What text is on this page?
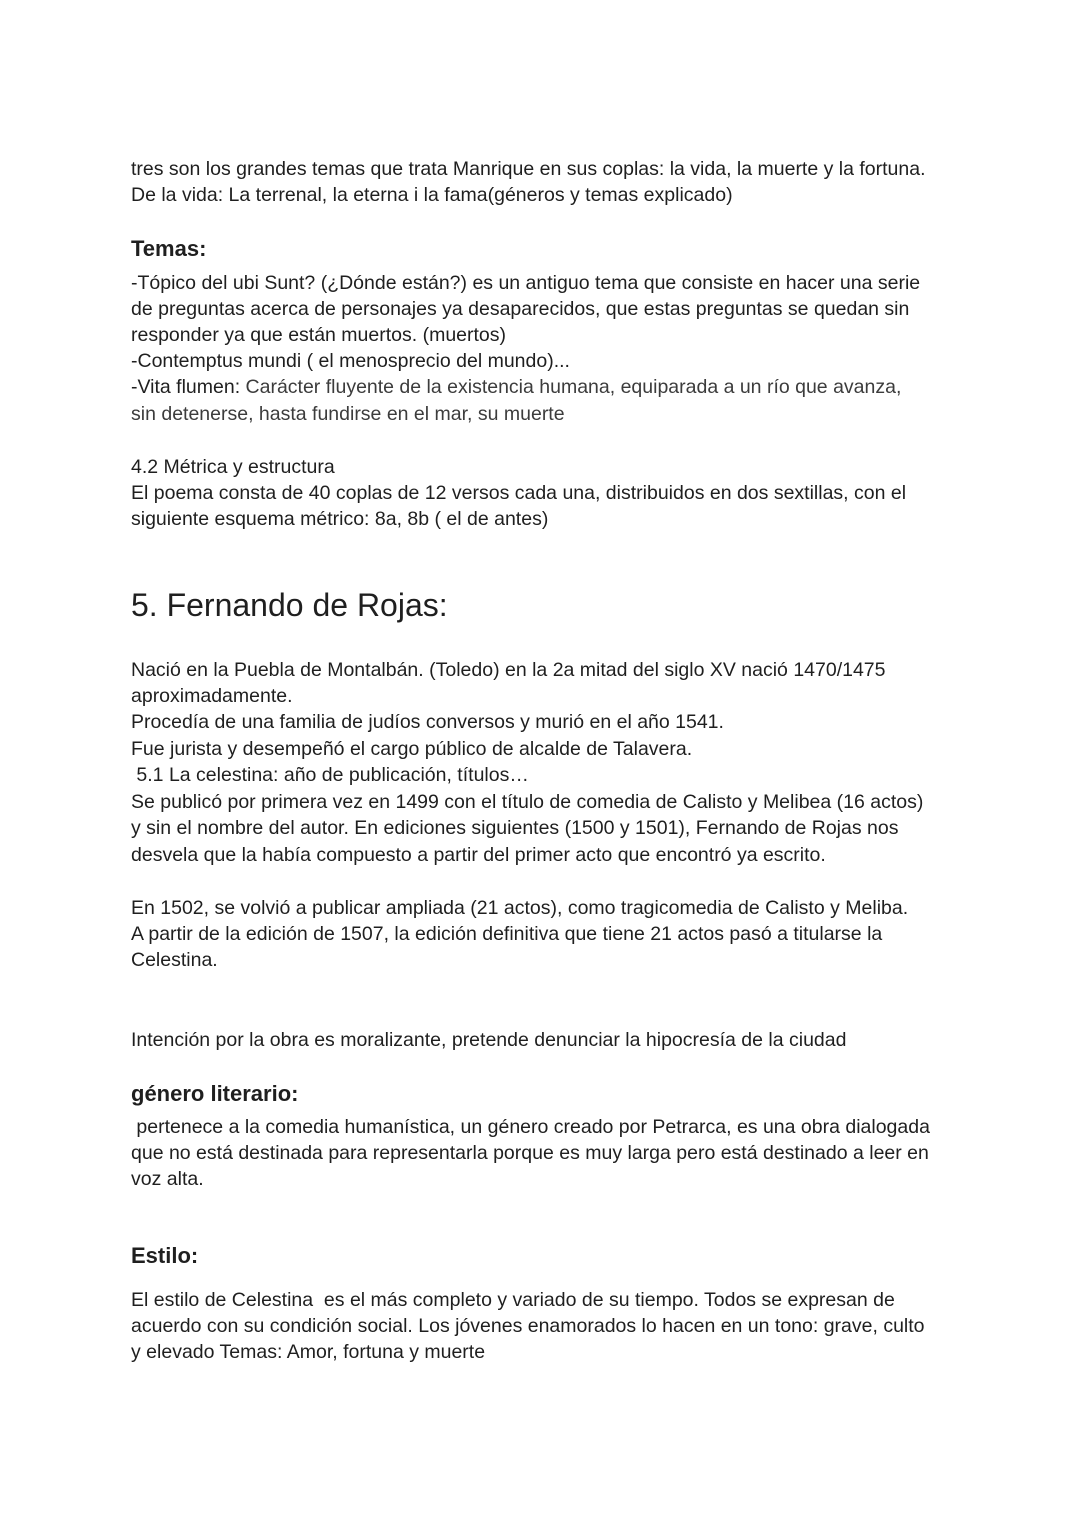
tres son los grandes temas que trata Manrique en sus coplas: la vida, la muerte y la fortuna.

De la vida: La terrenal, la eterna i la fama(géneros y temas explicado)

Temas:

-Tópico del ubi Sunt? (¿Dónde están?) es un antiguo tema que consiste en hacer una serie

de preguntas acerca de personajes ya desaparecidos, que estas preguntas se quedan sin

responder ya que están muertos. (muertos)

-Contemptus mundi ( el menosprecio del mundo)...

-Vita flumen: Carácter fluyente de la existencia humana, equiparada a un río que avanza,

sin detenerse, hasta fundirse en el mar, su muerte

4.2 Métrica y estructura

El poema consta de 40 coplas de 12 versos cada una, distribuidos en dos sextillas, con el

siguiente esquema métrico: 8a, 8b ( el de antes)

5. Fernando de Rojas:

Nació en la Puebla de Montalbán. (Toledo) en la 2a mitad del siglo XV nació 1470/1475

aproximadamente.

Procedía de una familia de judíos conversos y murió en el año 1541.

Fue jurista y desempeñó el cargo público de alcalde de Talavera.

5.1 La celestina: año de publicación, títulos…

Se publicó por primera vez en 1499 con el título de comedia de Calisto y Melibea (16 actos)

y sin el nombre del autor. En ediciones siguientes (1500 y 1501), Fernando de Rojas nos

desvela que la había compuesto a partir del primer acto que encontró ya escrito.

En 1502, se volvió a publicar ampliada (21 actos), como tragicomedia de Calisto y Meliba.

A partir de la edición de 1507, la edición definitiva que tiene 21 actos pasó a titularse la

Celestina.

Intención por la obra es moralizante, pretende denunciar la hipocresía de la ciudad

género literario:

pertenece a la comedia humanística, un género creado por Petrarca, es una obra dialogada

que no está destinada para representarla porque es muy larga pero está destinado a leer en

voz alta.

Estilo:

El estilo de Celestina  es el más completo y variado de su tiempo. Todos se expresan de

acuerdo con su condición social. Los jóvenes enamorados lo hacen en un tono: grave, culto

y elevado Temas: Amor, fortuna y muerte
